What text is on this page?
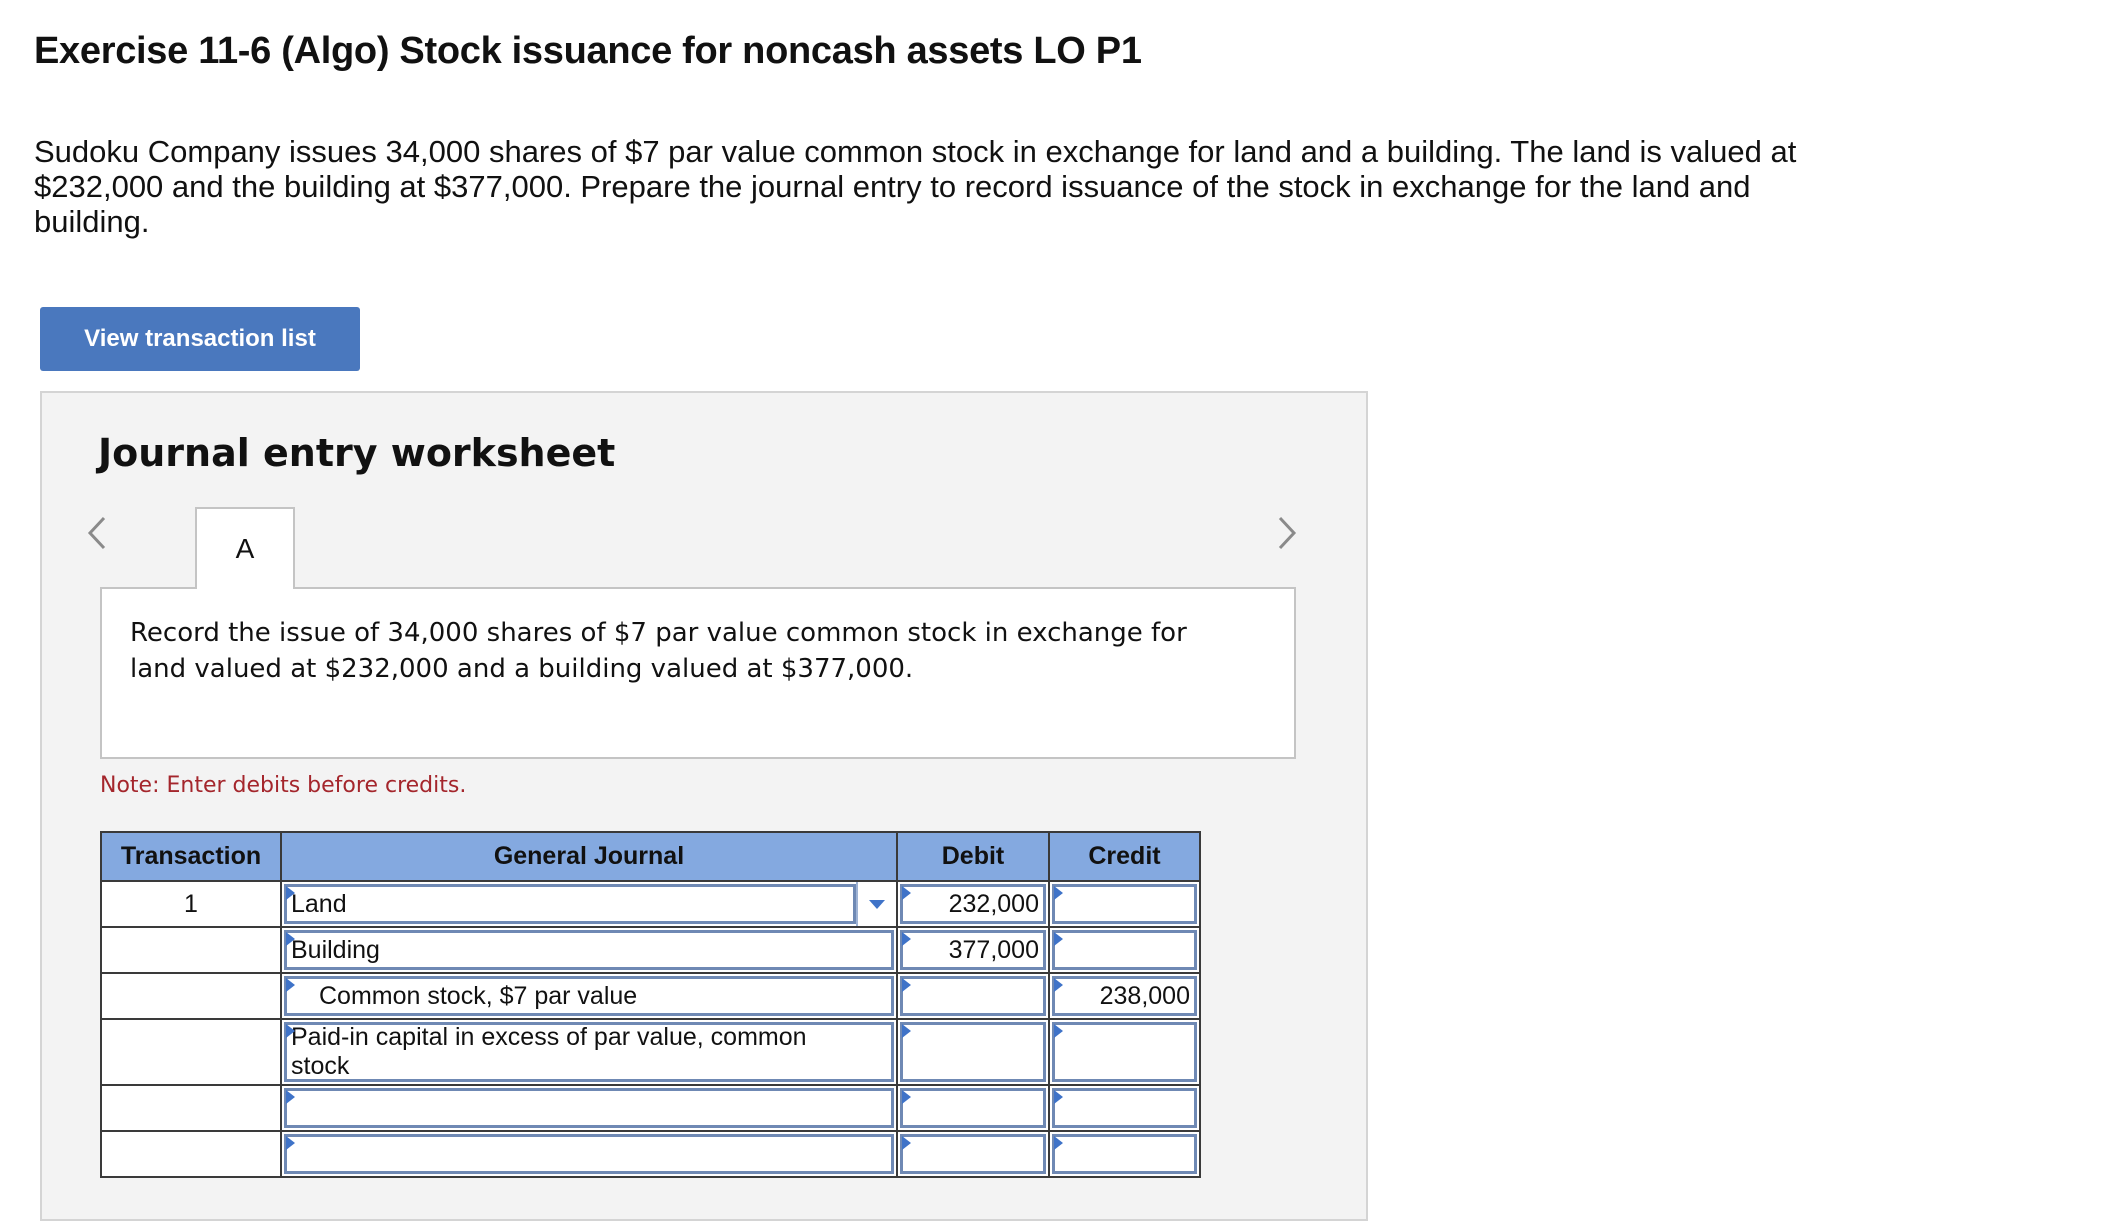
Exercise 11-6 (Algo) Stock issuance for noncash assets LO P1

Sudoku Company issues 34,000 shares of $7 par value common stock in exchange for land and a building. The land is valued at $232,000 and the building at $377,000. Prepare the journal entry to record issuance of the stock in exchange for the land and building.

View transaction list
Journal entry worksheet
A

Record the issue of 34,000 shares of $7 par value common stock in exchange for land valued at $232,000 and a building valued at $377,000.

Note: Enter debits before credits.

Transaction	General Journal	Debit	Credit
1	Land	232,000	

	Building	377,000	

	Common stock, $7 par value		238,000

	Paid-in capital in excess of par value, common stock		
